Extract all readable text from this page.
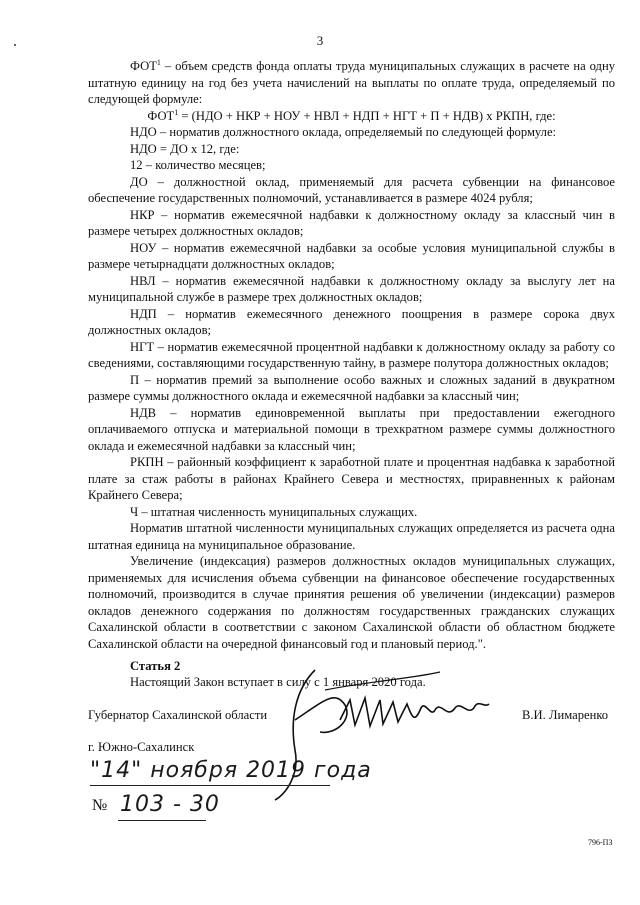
3

ФОТ$^1$ – объем средств фонда оплаты труда муниципальных служащих в расчете на одну штатную единицу на год без учета начислений на выплаты по оплате труда, определяемый по следующей формуле:

$ФОТ^1 = (НДО$ + НКР + НОУ + НВЛ + НДП + НГТ + П + НДВ) х РКПН, где:

НДО – норматив должностного оклада, определяемый по следующей формуле:

НДО = ДО х 12, где:

12 – количество месяцев;

ДО – должностной оклад, применяемый для расчета субвенции на финансовое обеспечение государственных полномочий, устанавливается в размере 4024 рубля;

НКР – норматив ежемесячной надбавки к должностному окладу за классный чин в размере четырех должностных окладов;

НОУ – норматив ежемесячной надбавки за особые условия муниципальной службы в размере четырнадцати должностных окладов;

НВЛ – норматив ежемесячной надбавки к должностному окладу за выслугу лет на муниципальной службе в размере трех должностных окладов;

НДП – норматив ежемесячного денежного поощрения в размере сорока двух должностных окладов;

НГТ – норматив ежемесячной процентной надбавки к должностному окладу за работу со сведениями, составляющими государственную тайну, в размере полутора должностных окладов;

П – норматив премий за выполнение особо важных и сложных заданий в двукратном размере суммы должностного оклада и ежемесячной надбавки за классный чин;

НДВ – норматив единовременной выплаты при предоставлении ежегодного оплачиваемого отпуска и материальной помощи в трехкратном размере суммы должностного оклада и ежемесячной надбавки за классный чин;

РКПН – районный коэффициент к заработной плате и процентная надбавка к заработной плате за стаж работы в районах Крайнего Севера и местностях, приравненных к районам Крайнего Севера;

Ч – штатная численность муниципальных служащих.

Норматив штатной численности муниципальных служащих определяется из расчета одна штатная единица на муниципальное образование.

Увеличение (индексация) размеров должностных окладов муниципальных служащих, применяемых для исчисления объема субвенции на финансовое обеспечение государственных полномочий, производится в случае принятия решения об увеличении (индексации) размеров окладов денежного содержания по должностям государственных гражданских служащих Сахалинской области в соответствии с законом Сахалинской области об областном бюджете Сахалинской области на очередной финансовый год и плановый период.".

Статья 2
Настоящий Закон вступает в силу с 1 января 2020 года.
Губернатор Сахалинской области	В.И. Лимаренко
г. Южно-Сахалинск
"14" ноября 2019 года
№ 103 - 30
796-ПЗ
